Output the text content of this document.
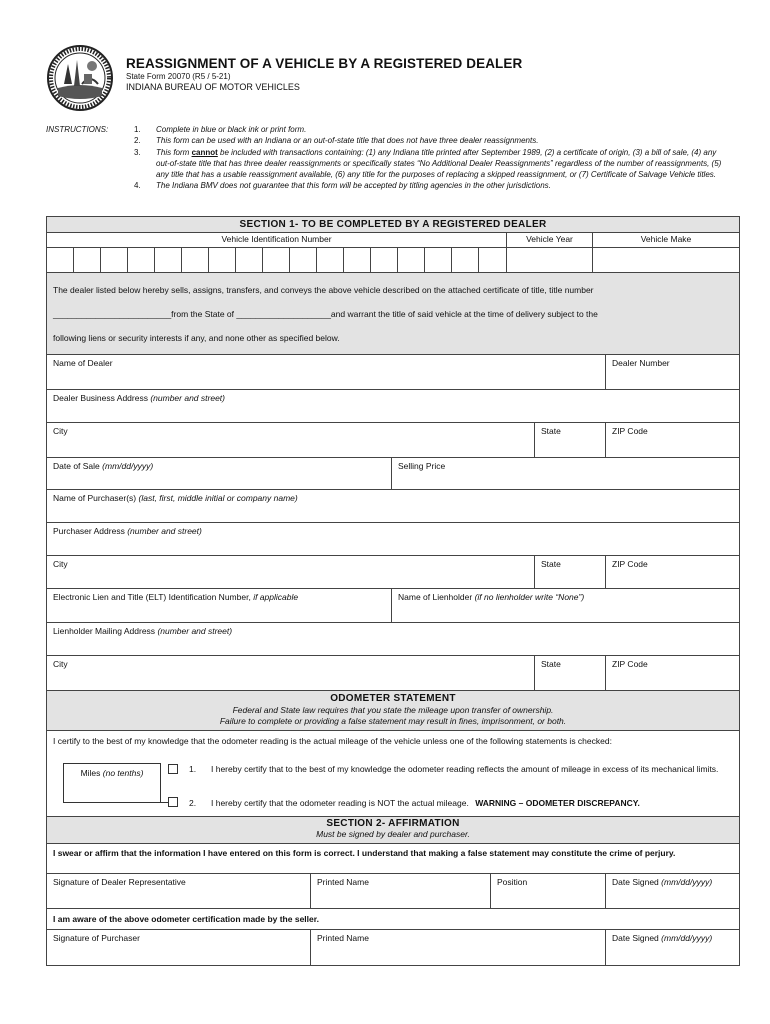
REASSIGNMENT OF A VEHICLE BY A REGISTERED DEALER
State Form 20070 (R5 / 5-21)
INDIANA BUREAU OF MOTOR VEHICLES
INSTRUCTIONS:	1. Complete in blue or black ink or print form.
2. This form can be used with an Indiana or an out-of-state title that does not have three dealer reassignments.
3. This form cannot be included with transactions containing: (1) any Indiana title printed after September 1989, (2) a certificate of origin, (3) a bill of sale, (4) any out-of-state title that has three dealer reassignments or specifically states “No Additional Dealer Reassignments” regardless of the number of reassignments, (5) any title that has a usable reassignment available, (6) any title for the purposes of replacing a skipped reassignment, or (7) Certificate of Salvage Vehicle titles.
4. The Indiana BMV does not guarantee that this form will be accepted by titling agencies in the other jurisdictions.
SECTION 1- TO BE COMPLETED BY A REGISTERED DEALER
Vehicle Identification Number	Vehicle Year	Vehicle Make
The dealer listed below hereby sells, assigns, transfers, and conveys the above vehicle described on the attached certificate of title, title number
_________________________from the State of ____________________and warrant the title of said vehicle at the time of delivery subject to the
following liens or security interests if any, and none other as specified below.
Name of Dealer	Dealer Number
Dealer Business Address (number and street)
City	State	ZIP Code
Date of Sale (mm/dd/yyyy)	Selling Price
Name of Purchaser(s) (last, first, middle initial or company name)
Purchaser Address (number and street)
City	State	ZIP Code
Electronic Lien and Title (ELT) Identification Number, if applicable	Name of Lienholder (if no lienholder write “None”)
Lienholder Mailing Address (number and street)
City	State	ZIP Code
ODOMETER STATEMENT
Federal and State law requires that you state the mileage upon transfer of ownership.
Failure to complete or providing a false statement may result in fines, imprisonment, or both.
I certify to the best of my knowledge that the odometer reading is the actual mileage of the vehicle unless one of the following statements is checked:
Miles (no tenths)	1. I hereby certify that to the best of my knowledge the odometer reading reflects the amount of mileage in excess of its mechanical limits.
2. I hereby certify that the odometer reading is NOT the actual mileage. WARNING – ODOMETER DISCREPANCY.
SECTION 2- AFFIRMATION
Must be signed by dealer and purchaser.
I swear or affirm that the information I have entered on this form is correct. I understand that making a false statement may constitute the crime of perjury.
Signature of Dealer Representative	Printed Name	Position	Date Signed (mm/dd/yyyy)
I am aware of the above odometer certification made by the seller.
Signature of Purchaser	Printed Name	Date Signed (mm/dd/yyyy)
